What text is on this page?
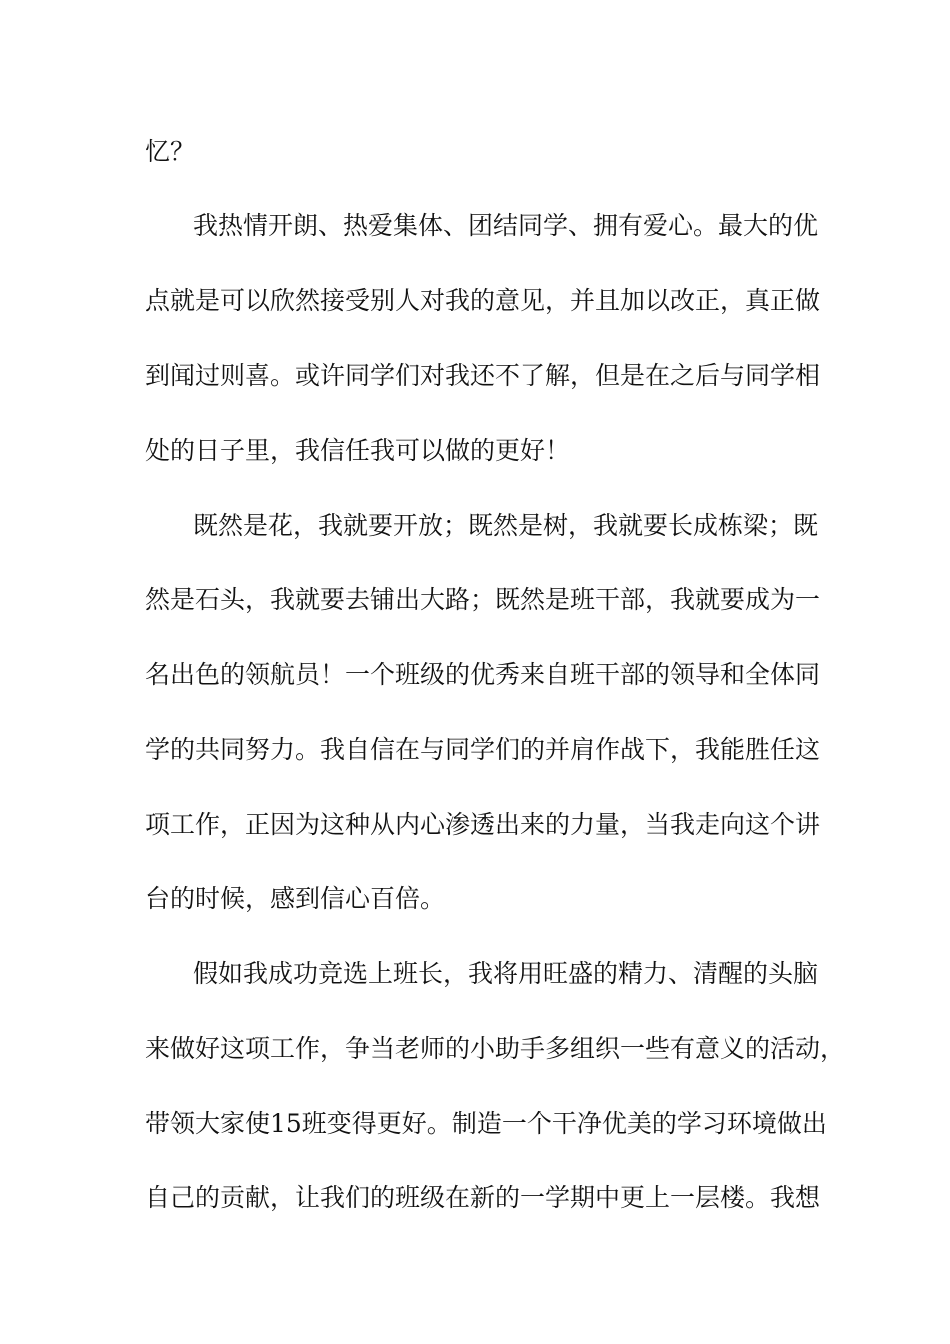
忆？
我热情开朗、热爱集体、团结同学、拥有爱心。最大的优
点就是可以欣然接受别人对我的意见，并且加以改正，真正做
到闻过则喜。或许同学们对我还不了解，但是在之后与同学相
处的日子里，我信任我可以做的更好！
既然是花，我就要开放；既然是树，我就要长成栋梁；既
然是石头，我就要去铺出大路；既然是班干部，我就要成为一
名出色的领航员！一个班级的优秀来自班干部的领导和全体同
学的共同努力。我自信在与同学们的并肩作战下，我能胜任这
项工作，正因为这种从内心渗透出来的力量，当我走向这个讲
台的时候，感到信心百倍。
假如我成功竞选上班长，我将用旺盛的精力、清醒的头脑
来做好这项工作，争当老师的小助手多组织一些有意义的活动，
带领大家使15班变得更好。制造一个干净优美的学习环境做出
自己的贡献，让我们的班级在新的一学期中更上一层楼。我想
